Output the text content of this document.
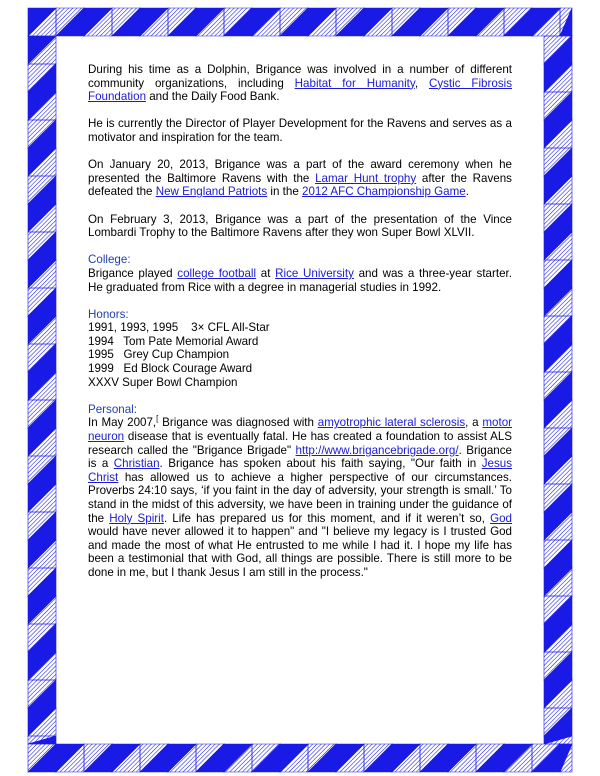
During his time as a Dolphin, Brigance was involved in a number of different community organizations, including Habitat for Humanity, Cystic Fibrosis Foundation and the Daily Food Bank.

He is currently the Director of Player Development for the Ravens and serves as a motivator and inspiration for the team.

On January 20, 2013, Brigance was a part of the award ceremony when he presented the Baltimore Ravens with the Lamar Hunt trophy after the Ravens defeated the New England Patriots in the 2012 AFC Championship Game.

On February 3, 2013, Brigance was a part of the presentation of the Vince Lombardi Trophy to the Baltimore Ravens after they won Super Bowl XLVII.

College:

Brigance played college football at Rice University and was a three-year starter. He graduated from Rice with a degree in managerial studies in 1992.

Honors:
1991, 1993, 1995    3× CFL All-Star
1994   Tom Pate Memorial Award
1995   Grey Cup Champion
1999   Ed Block Courage Award
XXXV Super Bowl Champion
Personal:

In May 2007,[ Brigance was diagnosed with amyotrophic lateral sclerosis, a motor neuron disease that is eventually fatal. He has created a foundation to assist ALS research called the "Brigance Brigade" http://www.brigancebrigade.org/. Brigance is a Christian. Brigance has spoken about his faith saying, "Our faith in Jesus Christ has allowed us to achieve a higher perspective of our circumstances. Proverbs 24:10 says, ‘if you faint in the day of adversity, your strength is small.’ To stand in the midst of this adversity, we have been in training under the guidance of the Holy Spirit. Life has prepared us for this moment, and if it weren’t so, God would have never allowed it to happen" and "I believe my legacy is I trusted God and made the most of what He entrusted to me while I had it. I hope my life has been a testimonial that with God, all things are possible. There is still more to be done in me, but I thank Jesus I am still in the process."
